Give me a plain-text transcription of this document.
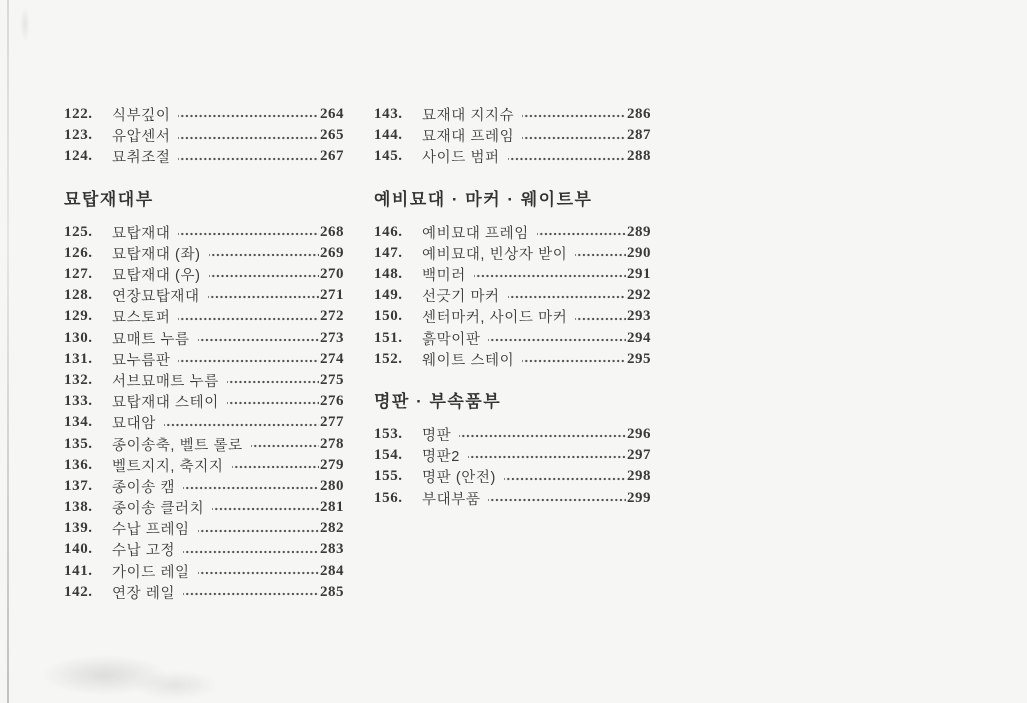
122.	식부깊이	264
123.	유압센서	265
124.	묘취조절	267
묘탑재대부
125.	묘탑재대	268
126.	묘탑재대 (좌)	269
127.	묘탑재대 (우)	270
128.	연장묘탑재대	271
129.	묘스토퍼	272
130.	묘매트 누름	273
131.	묘누름판	274
132.	서브묘매트 누름	275
133.	묘탑재대 스테이	276
134.	묘대암	277
135.	종이송축, 벨트 롤로	278
136.	벨트지지, 축지지	279
137.	종이송 캠	280
138.	종이송 클러치	281
139.	수납 프레임	282
140.	수납 고정	283
141.	가이드 레일	284
142.	연장 레일	285
143.	묘재대 지지슈	286
144.	묘재대 프레임	287
145.	사이드 범퍼	288
예비묘대 · 마커 · 웨이트부
146.	예비묘대 프레임	289
147.	예비묘대, 빈상자 받이	290
148.	백미러	291
149.	선긋기 마커	292
150.	센터마커, 사이드 마커	293
151.	흙막이판	294
152.	웨이트 스테이	295
명판 · 부속품부
153.	명판	296
154.	명판2	297
155.	명판 (안전)	298
156.	부대부품	299
